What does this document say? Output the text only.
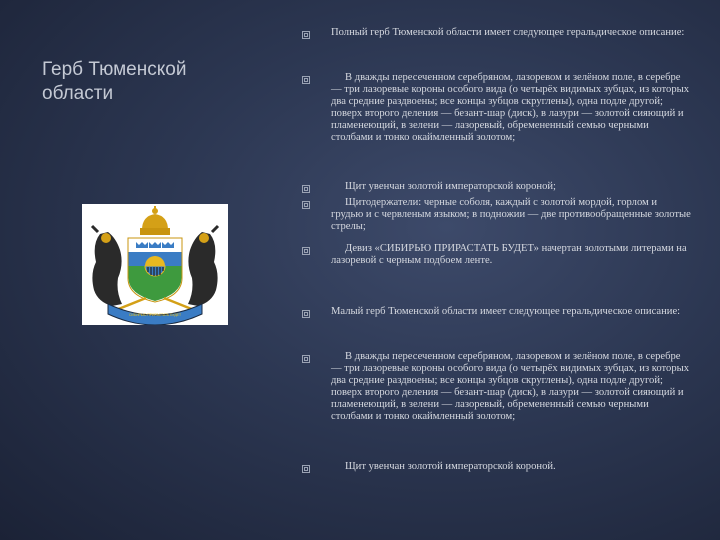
Герб Тюменской области
СИБИРЬЮ ПРИРАСТАТЬ БУДЕТ

Полный герб Тюменской области имеет следующее геральдическое описание:

В дважды пересеченном серебряном, лазоревом и зелёном поле, в серебре — три лазоревые короны особого вида (о четырёх видимых зубцах, из которых два средние раздвоены; все концы зубцов скруглены), одна подле другой; поверх второго деления — безант-шар (диск), в лазури — золотой сияющий и пламенеющий, в зелени — лазоревый, обремененный семью черными столбами и тонко окаймленный золотом;

Щит увенчан золотой императорской короной;

Щитодержатели: черные соболя, каждый с золотой мордой, горлом и грудью и с червленым языком; в подножии — две противообращенные золотые стрелы;

Девиз «СИБИРЬЮ ПРИРАСТАТЬ БУДЕТ» начертан золотыми литерами на лазоревой с черным подбоем ленте.

Малый герб Тюменской области имеет следующее геральдическое описание:

В дважды пересеченном серебряном, лазоревом и зелёном поле, в серебре — три лазоревые короны особого вида (о четырёх видимых зубцах, из которых два средние раздвоены; все концы зубцов скруглены), одна подле другой; поверх второго деления — безант-шар (диск), в лазури — золотой сияющий и пламенеющий, в зелени — лазоревый, обремененный семью черными столбами и тонко окаймленный золотом;

Щит увенчан золотой императорской короной.
